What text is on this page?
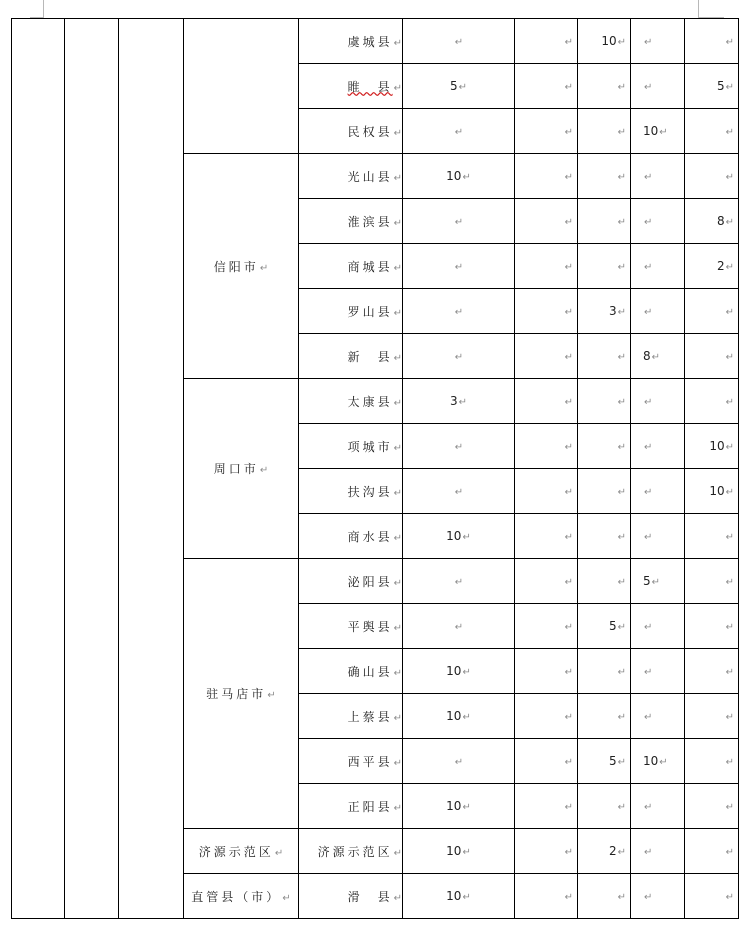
				虞城县↵	↵	↵	10↵	↵	↵
				睢　县↵	5↵	↵	↵	↵	5↵
				民权县↵	↵	↵	↵	10↵	↵
			信阳市↵	光山县↵	10↵	↵	↵	↵	↵
				淮滨县↵	↵	↵	↵	↵	8↵
				商城县↵	↵	↵	↵	↵	2↵
				罗山县↵	↵	↵	3↵	↵	↵
				新　县↵	↵	↵	↵	8↵	↵
			周口市↵	太康县↵	3↵	↵	↵	↵	↵
				项城市↵	↵	↵	↵	↵	10↵
				扶沟县↵	↵	↵	↵	↵	10↵
				商水县↵	10↵	↵	↵	↵	↵
			驻马店市↵	泌阳县↵	↵	↵	↵	5↵	↵
				平舆县↵	↵	↵	5↵	↵	↵
				确山县↵	10↵	↵	↵	↵	↵
				上蔡县↵	10↵	↵	↵	↵	↵
				西平县↵	↵	↵	5↵	10↵	↵
				正阳县↵	10↵	↵	↵	↵	↵
			济源示范区↵	济源示范区↵	10↵	↵	2↵	↵	↵
			直管县（市）↵	滑　县↵	10↵	↵	↵	↵	↵
